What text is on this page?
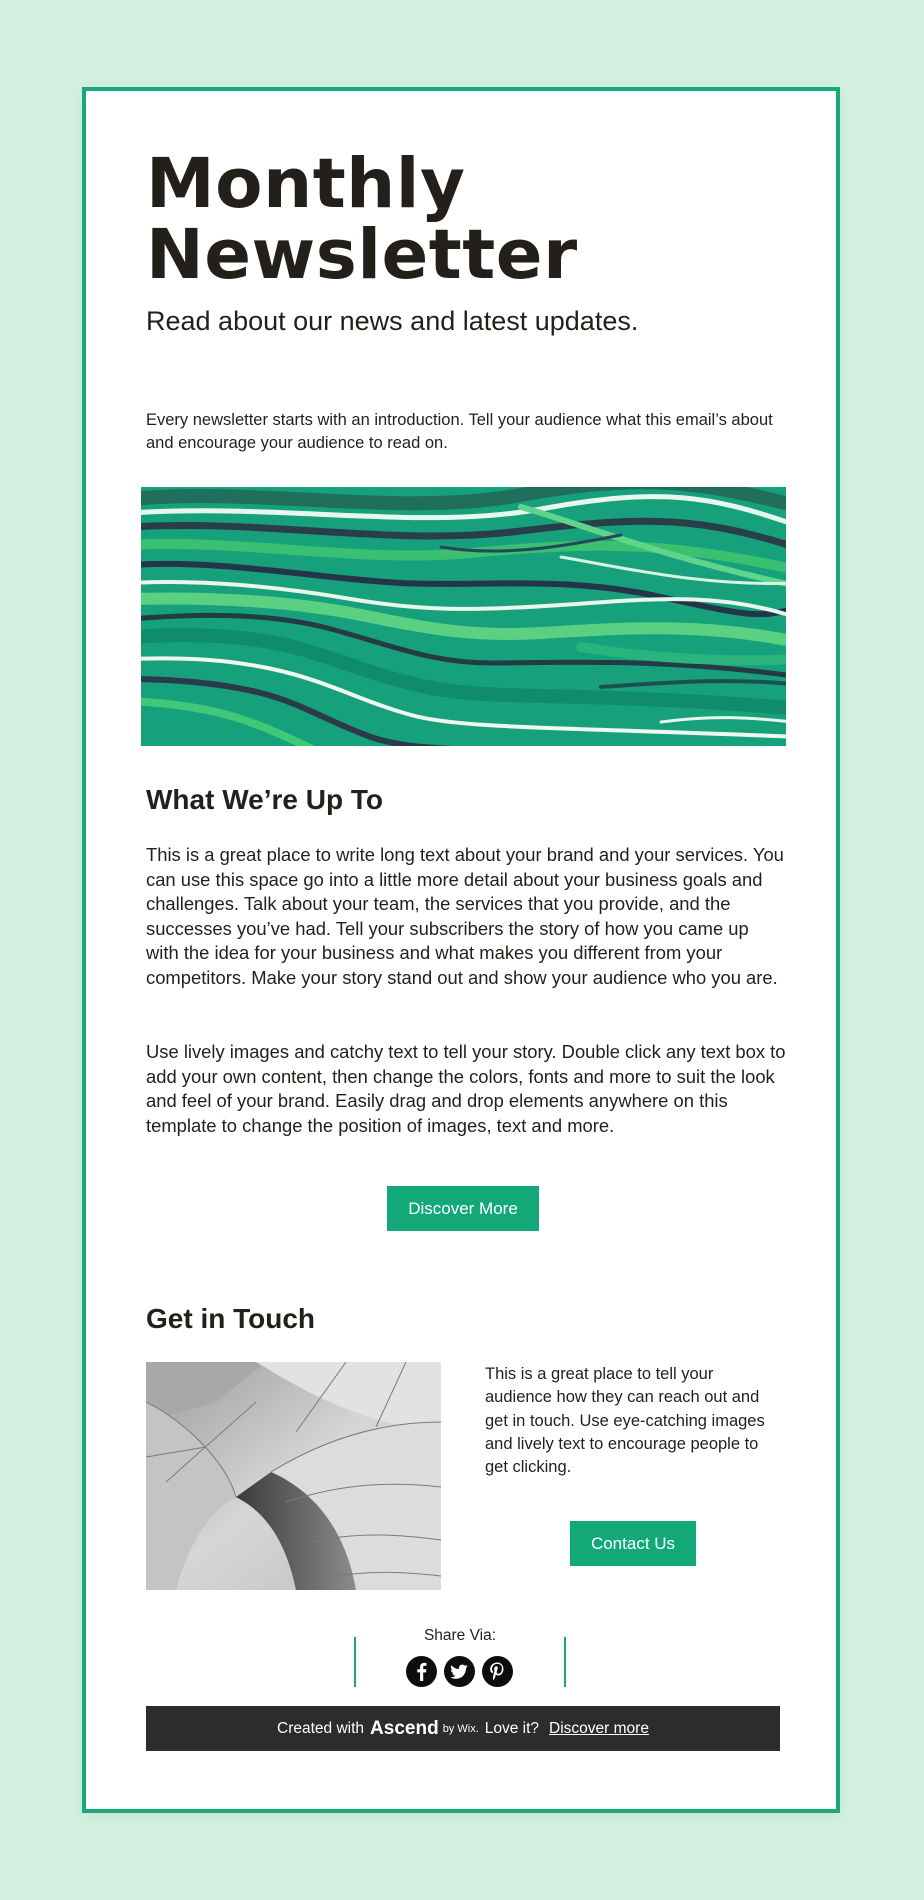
Monthly
Newsletter

Read about our news and latest updates.

Every newsletter starts with an introduction. Tell your audience what this email’s about and encourage your audience to read on.

What We’re Up To

This is a great place to write long text about your brand and your services. You can use this space go into a little more detail about your business goals and challenges. Talk about your team, the services that you provide, and the successes you’ve had. Tell your subscribers the story of how you came up with the idea for your business and what makes you different from your competitors. Make your story stand out and show your audience who you are.

Use lively images and catchy text to tell your story. Double click any text box to add your own content, then change the colors, fonts and more to suit the look and feel of your brand. Easily drag and drop elements anywhere on this template to change the position of images, text and more.

Discover More
Get in Touch

This is a great place to tell your audience how they can reach out and get in touch. Use eye-catching images and lively text to encourage people to get clicking.

Contact Us

Share Via:

Created with Ascend by Wix. Love it? Discover more
